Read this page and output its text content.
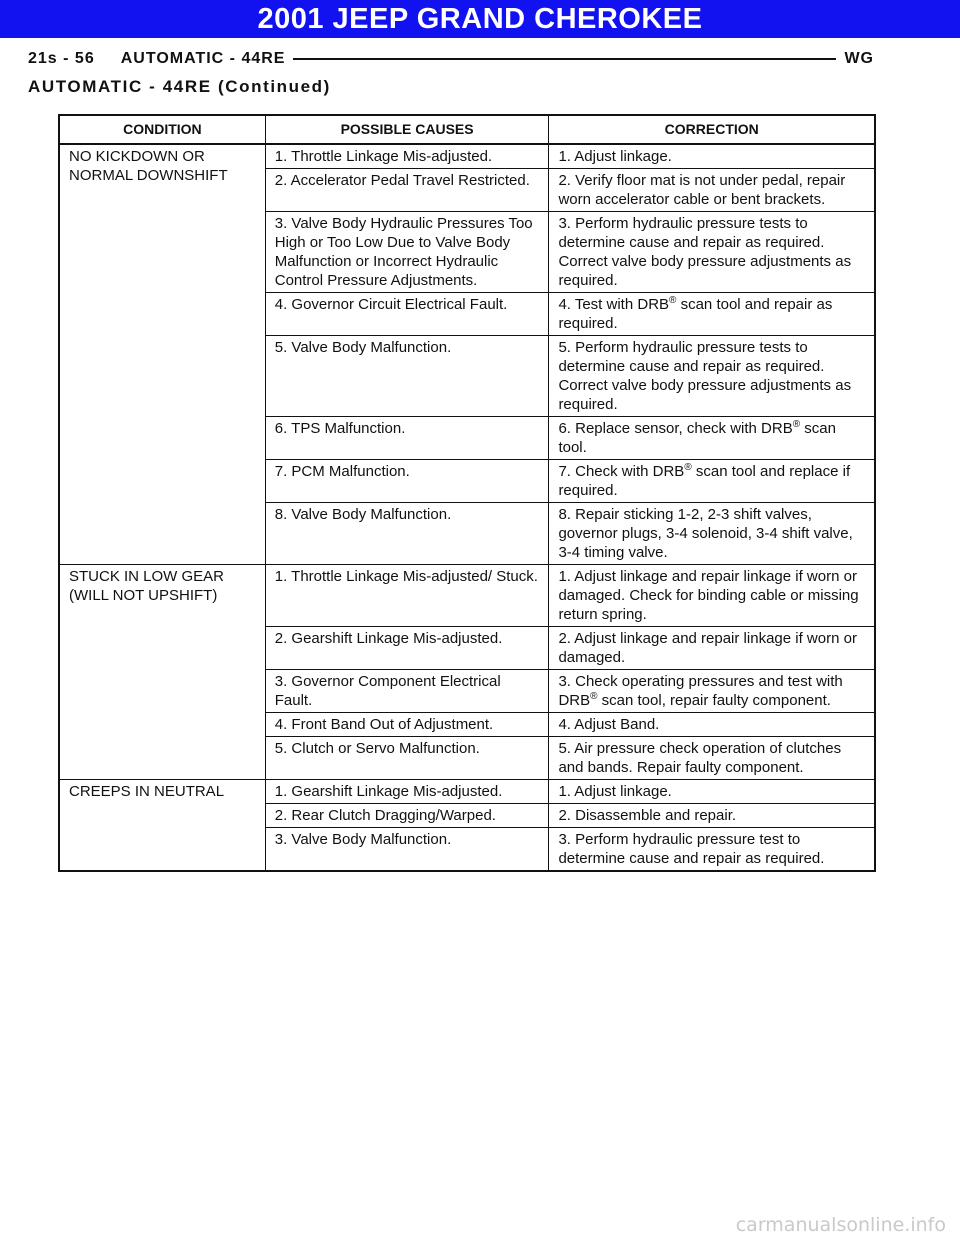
2001 JEEP GRAND CHEROKEE
21s - 56 AUTOMATIC - 44RE	WG
AUTOMATIC - 44RE (Continued)
CONDITION	POSSIBLE CAUSES	CORRECTION
NO KICKDOWN OR NORMAL DOWNSHIFT	1. Throttle Linkage Mis-adjusted.	1. Adjust linkage.
	2. Accelerator Pedal Travel Restricted.	2. Verify floor mat is not under pedal, repair worn accelerator cable or bent brackets.
	3. Valve Body Hydraulic Pressures Too High or Too Low Due to Valve Body Malfunction or Incorrect Hydraulic Control Pressure Adjustments.	3. Perform hydraulic pressure tests to determine cause and repair as required. Correct valve body pressure adjustments as required.
	4. Governor Circuit Electrical Fault.	4. Test with DRB® scan tool and repair as required.
	5. Valve Body Malfunction.	5. Perform hydraulic pressure tests to determine cause and repair as required. Correct valve body pressure adjustments as required.
	6. TPS Malfunction.	6. Replace sensor, check with DRB® scan tool.
	7. PCM Malfunction.	7. Check with DRB® scan tool and replace if required.
	8. Valve Body Malfunction.	8. Repair sticking 1-2, 2-3 shift valves, governor plugs, 3-4 solenoid, 3-4 shift valve, 3-4 timing valve.
STUCK IN LOW GEAR (WILL NOT UPSHIFT)	1. Throttle Linkage Mis-adjusted/ Stuck.	1. Adjust linkage and repair linkage if worn or damaged. Check for binding cable or missing return spring.
	2. Gearshift Linkage Mis-adjusted.	2. Adjust linkage and repair linkage if worn or damaged.
	3. Governor Component Electrical Fault.	3. Check operating pressures and test with DRB® scan tool, repair faulty component.
	4. Front Band Out of Adjustment.	4. Adjust Band.
	5. Clutch or Servo Malfunction.	5. Air pressure check operation of clutches and bands. Repair faulty component.
CREEPS IN NEUTRAL	1. Gearshift Linkage Mis-adjusted.	1. Adjust linkage.
	2. Rear Clutch Dragging/Warped.	2. Disassemble and repair.
	3. Valve Body Malfunction.	3. Perform hydraulic pressure test to determine cause and repair as required.
carmanualsonline.info
